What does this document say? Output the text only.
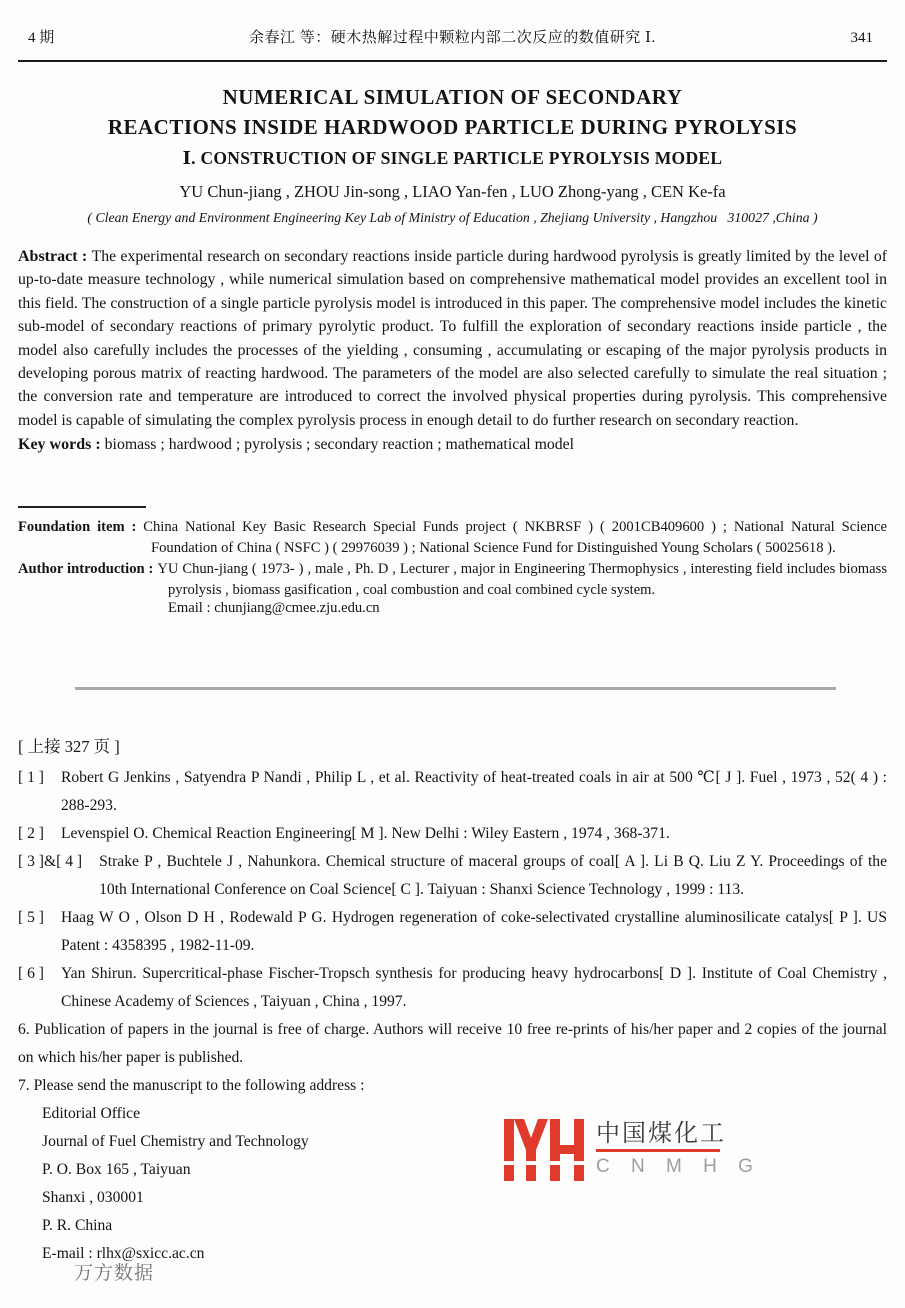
4 期	余春江 等：硬木热解过程中颗粒内部二次反应的数值研究 Ⅰ.	341
NUMERICAL SIMULATION OF SECONDARY
REACTIONS INSIDE HARDWOOD PARTICLE DURING PYROLYSIS
Ⅰ. CONSTRUCTION OF SINGLE PARTICLE PYROLYSIS MODEL
YU Chun-jiang , ZHOU Jin-song , LIAO Yan-fen , LUO Zhong-yang , CEN Ke-fa
( Clean Energy and Environment Engineering Key Lab of Ministry of Education , Zhejiang University , Hangzhou   310027 ,China )
Abstract : The experimental research on secondary reactions inside particle during hardwood pyrolysis is greatly limited by the level of up-to-date measure technology , while numerical simulation based on comprehensive mathematical model provides an excellent tool in this field. The construction of a single particle pyrolysis model is introduced in this paper. The comprehensive model includes the kinetic sub-model of secondary reactions of primary pyrolytic product. To fulfill the exploration of secondary reactions inside particle , the model also carefully includes the processes of the yielding , consuming , accumulating or escaping of the major pyrolysis products in developing porous matrix of reacting hardwood. The parameters of the model are also selected carefully to simulate the real situation ; the conversion rate and temperature are introduced to correct the involved physical properties during pyrolysis. This comprehensive model is capable of simulating the complex pyrolysis process in enough detail to do further research on secondary reaction.
Key words : biomass ; hardwood ; pyrolysis ; secondary reaction ; mathematical model
Foundation item : China National Key Basic Research Special Funds project ( NKBRSF ) ( 2001CB409600 ) ; National Natural Science Foundation of China ( NSFC ) ( 29976039 ) ; National Science Fund for Distinguished Young Scholars ( 50025618 ).
Author introduction : YU Chun-jiang ( 1973- ) , male , Ph. D , Lecturer , major in Engineering Thermophysics , interesting field includes biomass pyrolysis , biomass gasification , coal combustion and coal combined cycle system.
Email : chunjiang@cmee.zju.edu.cn
[ 上接 327 页 ]
[ 1 ] Robert G Jenkins , Satyendra P Nandi , Philip L , et al. Reactivity of heat-treated coals in air at 500 ℃[ J ]. Fuel , 1973 , 52( 4 ) : 288-293.
[ 2 ] Levenspiel O. Chemical Reaction Engineering[ M ]. New Delhi : Wiley Eastern , 1974 , 368-371.
[ 3 ]&[ 4 ] Strake P , Buchtele J , Nahunkora. Chemical structure of maceral groups of coal[ A ]. Li B Q. Liu Z Y. Proceedings of the 10th International Conference on Coal Science[ C ]. Taiyuan : Shanxi Science Technology , 1999 : 113.
[ 5 ] Haag W O , Olson D H , Rodewald P G. Hydrogen regeneration of coke-selectivated crystalline aluminosilicate catalys[ P ]. US Patent : 4358395 , 1982-11-09.
[ 6 ] Yan Shirun. Supercritical-phase Fischer-Tropsch synthesis for producing heavy hydrocarbons[ D ]. Institute of Coal Chemistry , Chinese Academy of Sciences , Taiyuan , China , 1997.
6. Publication of papers in the journal is free of charge. Authors will receive 10 free re-prints of his/her paper and 2 copies of the journal on which his/her paper is published.
7. Please send the manuscript to the following address :
Editorial Office
Journal of Fuel Chemistry and Technology
P. O. Box 165 , Taiyuan
Shanxi , 030001
P. R. China
E-mail : rlhx@sxicc.ac.cn
中国煤化工
C N M H G
万方数据
